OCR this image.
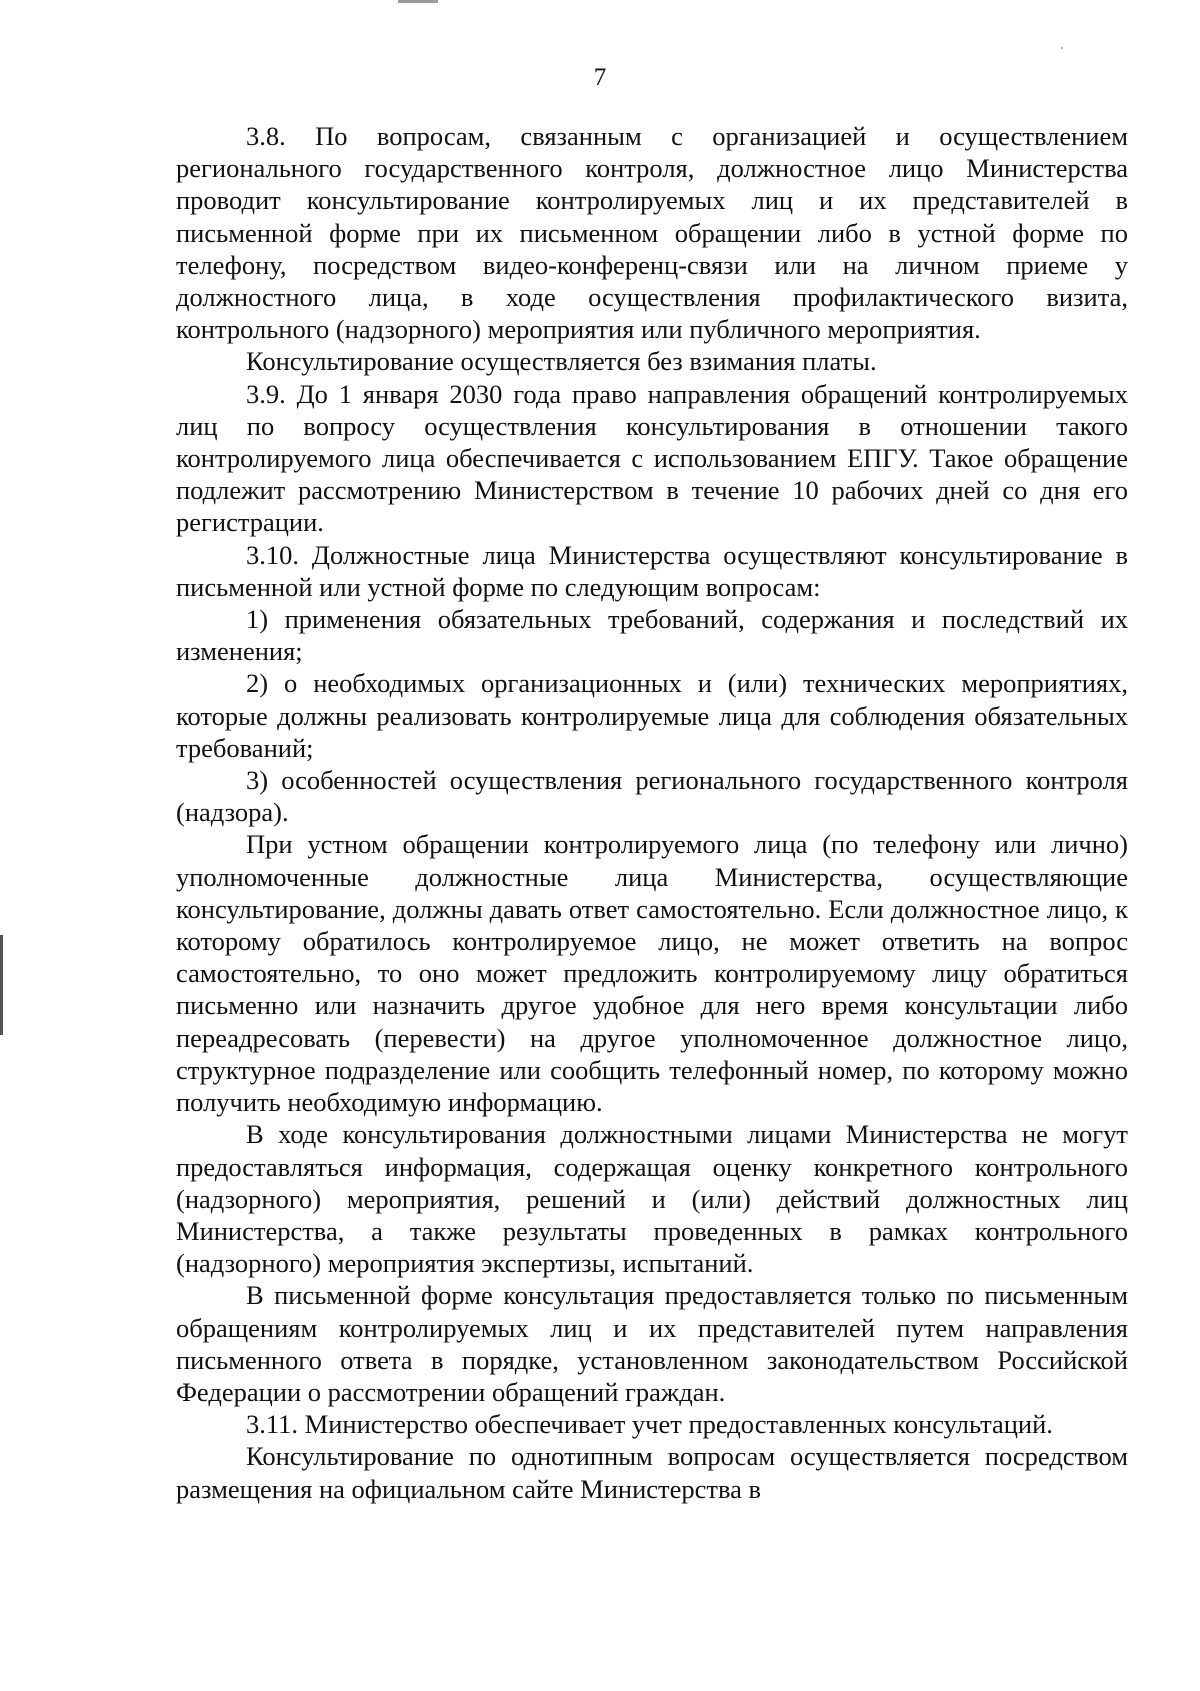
7

3.8. По вопросам, связанным с организацией и осуществлением регионального государственного контроля, должностное лицо Министерства проводит консультирование контролируемых лиц и их представителей в письменной форме при их письменном обращении либо в устной форме по телефону, посредством видео-конференц-связи или на личном приеме у должностного лица, в ходе осуществления профилактического визита, контрольного (надзорного) мероприятия или публичного мероприятия.

Консультирование осуществляется без взимания платы.

3.9. До 1 января 2030 года право направления обращений контролируемых лиц по вопросу осуществления консультирования в отношении такого контролируемого лица обеспечивается с использованием ЕПГУ. Такое обращение подлежит рассмотрению Министерством в течение 10 рабочих дней со дня его регистрации.

3.10. Должностные лица Министерства осуществляют консультирование в письменной или устной форме по следующим вопросам:

1) применения обязательных требований, содержания и последствий их изменения;

2) о необходимых организационных и (или) технических мероприятиях, которые должны реализовать контролируемые лица для соблюдения обязательных требований;

3) особенностей осуществления регионального государственного контроля (надзора).

При устном обращении контролируемого лица (по телефону или лично) уполномоченные должностные лица Министерства, осуществляющие консультирование, должны давать ответ самостоятельно. Если должностное лицо, к которому обратилось контролируемое лицо, не может ответить на вопрос самостоятельно, то оно может предложить контролируемому лицу обратиться письменно или назначить другое удобное для него время консультации либо переадресовать (перевести) на другое уполномоченное должностное лицо, структурное подразделение или сообщить телефонный номер, по которому можно получить необходимую информацию.

В ходе консультирования должностными лицами Министерства не могут предоставляться информация, содержащая оценку конкретного контрольного (надзорного) мероприятия, решений и (или) действий должностных лиц Министерства, а также результаты проведенных в рамках контрольного (надзорного) мероприятия экспертизы, испытаний.

В письменной форме консультация предоставляется только по письменным обращениям контролируемых лиц и их представителей путем направления письменного ответа в порядке, установленном законодательством Российской Федерации о рассмотрении обращений граждан.

3.11. Министерство обеспечивает учет предоставленных консультаций.

Консультирование по однотипным вопросам осуществляется посредством размещения на официальном сайте Министерства в
